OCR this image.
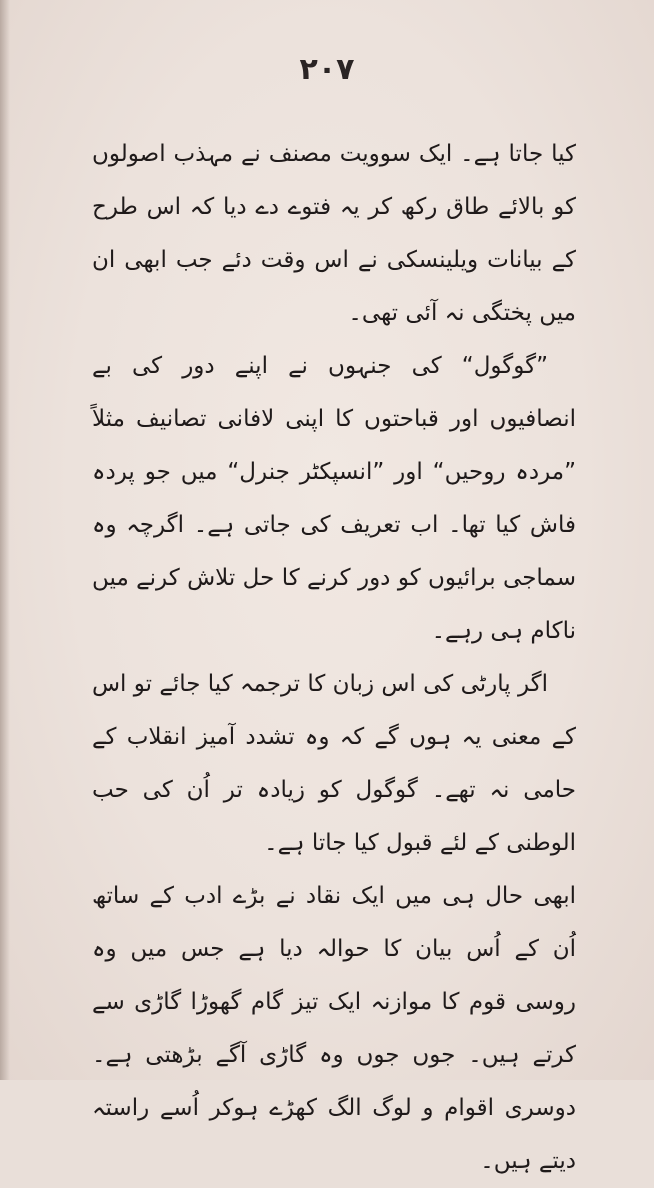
۲۰۷

کیا جاتا ہے۔ ایک سوویت مصنف نے مہذب اصولوں کو بالائے طاق رکھ کر یہ فتوے دے دیا کہ اس طرح کے بیانات ویلینسکی نے اس وقت دئے جب ابھی ان میں پختگی نہ آئی تھی۔

”گوگول“ کی جنہوں نے اپنے دور کی بے انصافیوں اور قباحتوں کا اپنی لافانی تصانیف مثلاً ”مردہ روحیں“ اور ”انسپکٹر جنرل“ میں جو پردہ فاش کیا تھا۔ اب تعریف کی جاتی ہے۔ اگرچہ وہ سماجی برائیوں کو دور کرنے کا حل تلاش کرنے میں ناکام ہی رہے۔

اگر پارٹی کی اس زبان کا ترجمہ کیا جائے تو اس کے معنی یہ ہوں گے کہ وہ تشدد آمیز انقلاب کے حامی نہ تھے۔ گوگول کو زیادہ تر اُن کی حب الوطنی کے لئے قبول کیا جاتا ہے۔

ابھی حال ہی میں ایک نقاد نے بڑے ادب کے ساتھ اُن کے اُس بیان کا حوالہ دیا ہے جس میں وہ روسی قوم کا موازنہ ایک تیز گام گھوڑا گاڑی سے کرتے ہیں۔ جوں جوں وہ گاڑی آگے بڑھتی ہے۔ دوسری اقوام و لوگ الگ کھڑے ہوکر اُسے راستہ دیتے ہیں۔
